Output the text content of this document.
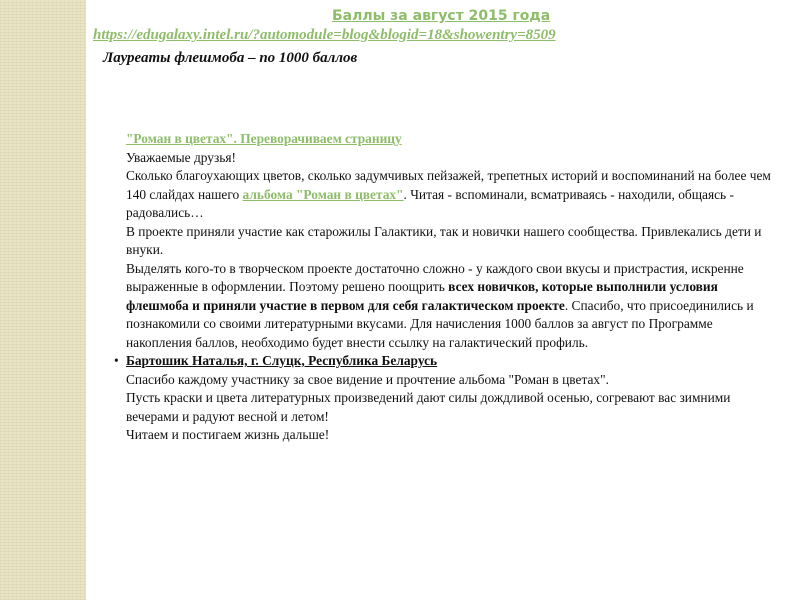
Баллы за август 2015 года
https://edugalaxy.intel.ru/?automodule=blog&blogid=18&showentry=8509
Лауреаты флешмоба – по 1000 баллов

"Роман в цветах". Переворачиваем страницу

Уважаемые друзья!

Сколько благоухающих цветов, сколько задумчивых пейзажей, трепетных историй и воспоминаний на более чем 140 слайдах нашего альбома "Роман в цветах". Читая - вспоминали, всматриваясь - находили, общаясь - радовались…

В проекте приняли участие как старожилы Галактики, так и новички нашего сообщества. Привлекались дети и внуки.

Выделять кого-то в творческом проекте достаточно сложно - у каждого свои вкусы и пристрастия, искренне выраженные в оформлении. Поэтому решено поощрить всех новичков, которые выполнили условия флешмоба и приняли участие в первом для себя галактическом проекте. Спасибо, что присоединились и познакомили со своими литературными вкусами. Для начисления 1000 баллов за август по Программе накопления баллов, необходимо будет внести ссылку на галактический профиль.

• Бартошик Наталья, г. Слуцк, Республика Беларусь

Спасибо каждому участнику за свое видение и прочтение альбома "Роман в цветах".

Пусть краски и цвета литературных произведений дают силы дождливой осенью, согревают вас зимними вечерами и радуют весной и летом!

Читаем и постигаем жизнь дальше!
